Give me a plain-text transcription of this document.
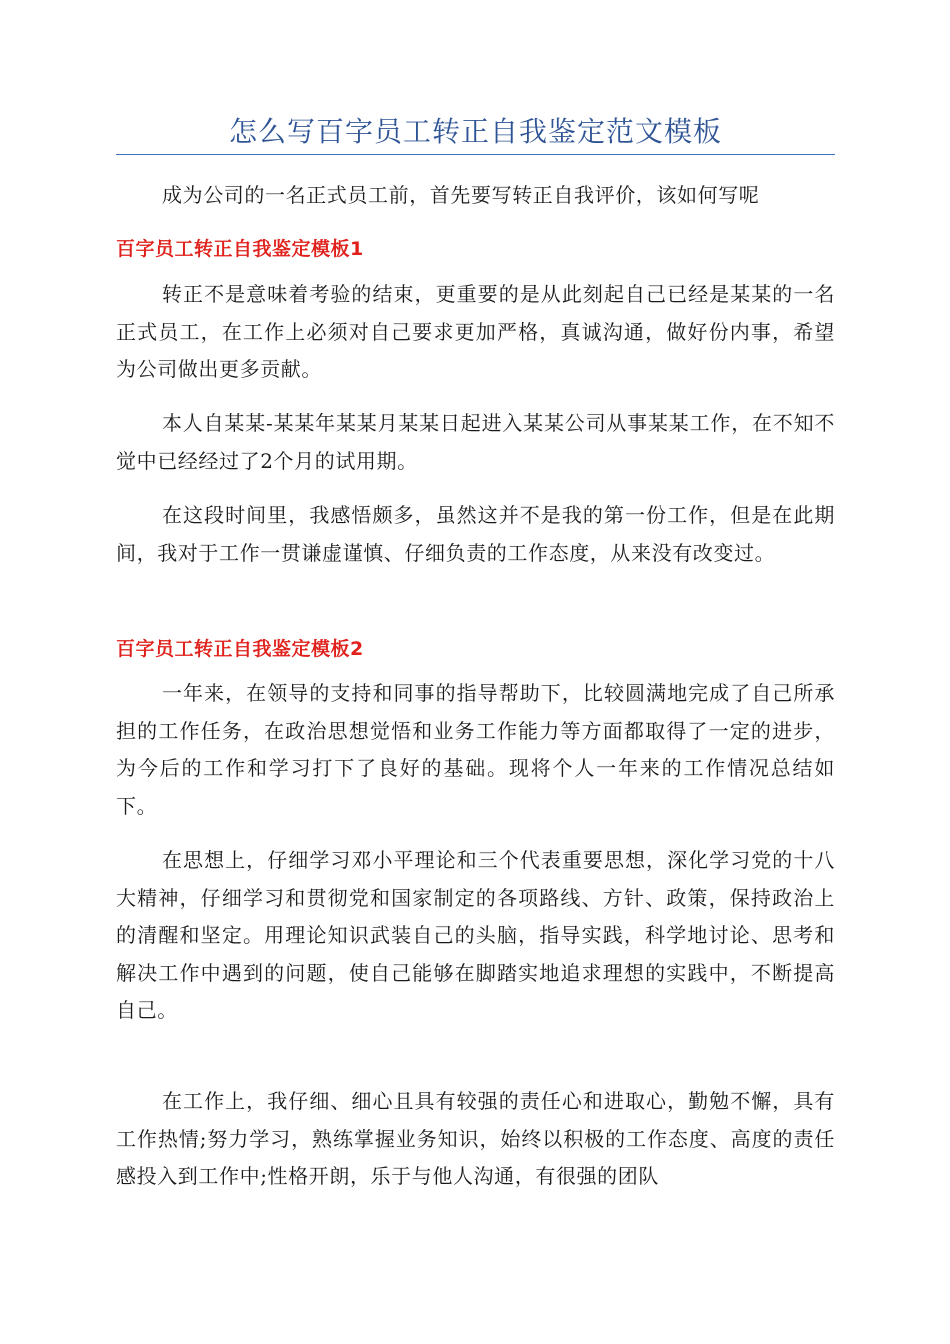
怎么写百字员工转正自我鉴定范文模板

成为公司的一名正式员工前，首先要写转正自我评价，该如何写呢

百字员工转正自我鉴定模板1

转正不是意味着考验的结束，更重要的是从此刻起自己已经是某某的一名正式员工，在工作上必须对自己要求更加严格，真诚沟通，做好份内事，希望为公司做出更多贡献。

本人自某某-某某年某某月某某日起进入某某公司从事某某工作，在不知不觉中已经经过了2个月的试用期。

在这段时间里，我感悟颇多，虽然这并不是我的第一份工作，但是在此期间，我对于工作一贯谦虚谨慎、仔细负责的工作态度，从来没有改变过。

百字员工转正自我鉴定模板2

一年来，在领导的支持和同事的指导帮助下，比较圆满地完成了自己所承担的工作任务，在政治思想觉悟和业务工作能力等方面都取得了一定的进步，为今后的工作和学习打下了良好的基础。现将个人一年来的工作情况总结如下。

在思想上，仔细学习邓小平理论和三个代表重要思想，深化学习党的十八大精神，仔细学习和贯彻党和国家制定的各项路线、方针、政策，保持政治上的清醒和坚定。用理论知识武装自己的头脑，指导实践，科学地讨论、思考和解决工作中遇到的问题，使自己能够在脚踏实地追求理想的实践中，不断提高自己。

在工作上，我仔细、细心且具有较强的责任心和进取心，勤勉不懈，具有工作热情;努力学习，熟练掌握业务知识，始终以积极的工作态度、高度的责任感投入到工作中;性格开朗，乐于与他人沟通，有很强的团队
